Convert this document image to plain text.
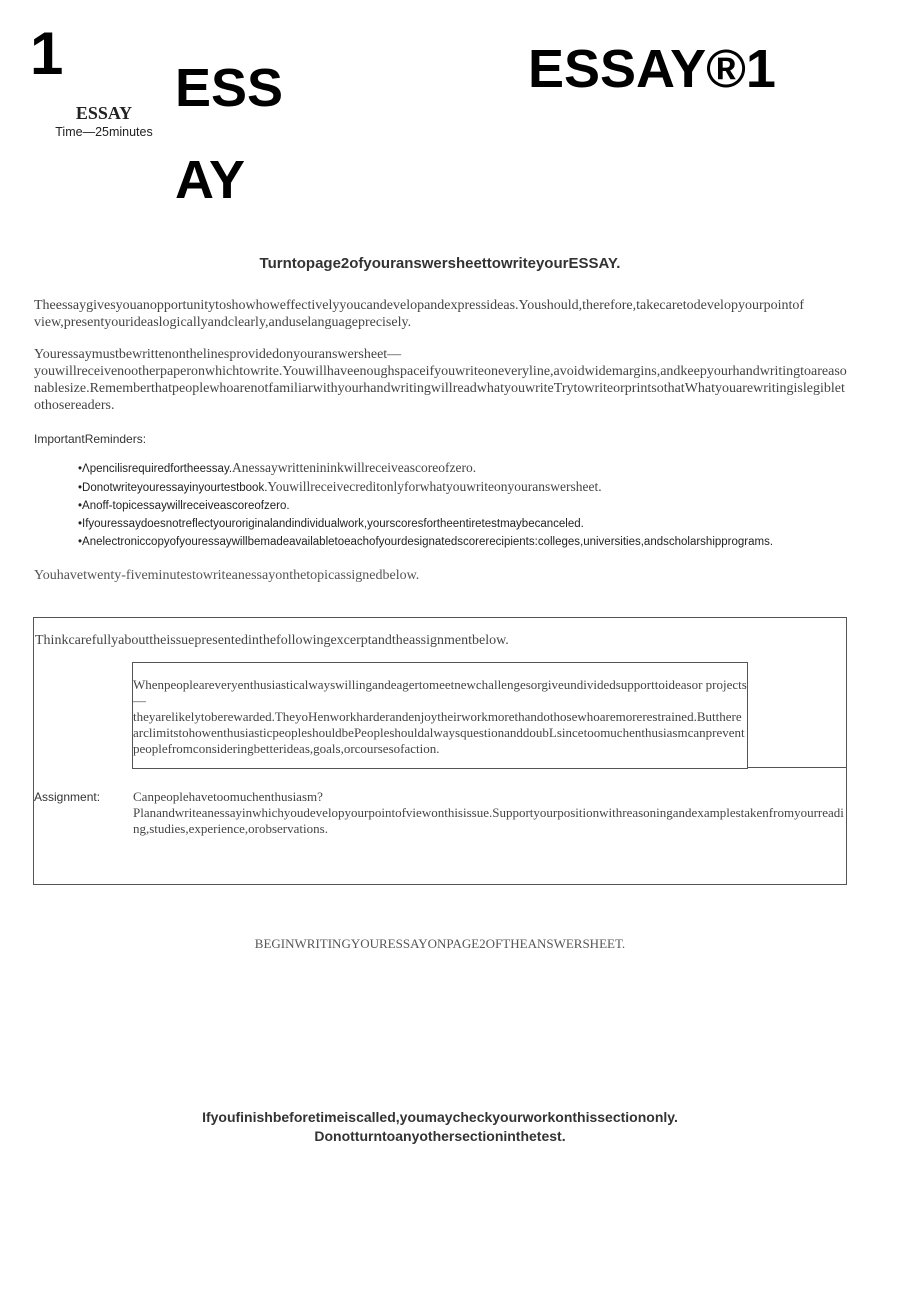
1
ESSAY
Time—25minutes
ESSAY
ESSAY®1
Turntopage2ofyouranswersheettowriteyourESSAY.
Theessaygivesyouanopportunitytoshowhoweffectivelyyoucandevelopandexpressideas.Youshould,therefore,takecaretodevelopyourpointof view,presentyourideaslogicallyandclearly,anduselanguageprecisely.
Youressaymustbewrittenonthelinesprovidedonyouranswersheet—
youwillreceivenootherpaperonwhichtowrite.Youwillhaveenoughspaceifyouwriteoneveryline,avoidwidemargins,andkeepyourhandwritingtoareasonablesize.RememberthatpeoplewhoarenotfamiliarwithyourhandwritingwillreadwhatyouwriteTrytowriteorprintsothatWhatyouarewritingislegibletothosereaders.
ImportantReminders:
•Λpencilisrequiredfortheessay.Anessaywritteninink​willreceiveascoreofzero.
•Donotwriteyouressayinyourtestbook.Youwillreceivecreditonlyforwhatyouwriteonyouranswersheet.
•Anoff-topicessaywillreceiveascoreofzero.
•Ifyouressaydoesnotreflectyouroriginalandindividualwork,yourscoresfortheentiretestmaybecanceled.
•Anelectroniccopyofyouressaywillbemadeavailabletoeachofyourdesignatedscorerecipients:colleges,universities,andscholarshipprograms.
Youhavetwenty-fiveminutestowriteanessayonthetopicassignedbelow.
Thinkcarefullyabouttheissuepresentedinthefollowingexcerptandtheassignmentbelow.
Whenpeopleareveryenthusiasticalwayswillingandeagertomeetnewchallengesorgiveundividedsupporttoideasor projects—
theyarelikelytoberewarded.TheyoHenworkharderandenjoytheirworkmorethandothosewhoaremorerestrained.ButtherearclimitstohowenthusiasticpeopleshouldbePeopleshouldalwaysquestionanddoubLsincetoomuchenthusiasmcanpreventpeoplefromconsideringbetterideas,goals,orcoursesofaction.
Assignment:	Canpeoplehavetoomuchenthusiasm?Planandwriteanessayinwhichyoudevelopyourpointofviewonthisissue.Supportyourpositionwithreasoningandexamplestakenfromyourreading,studies,experience,orobservations.
BEGINWRITINGYOURESSAYONPAGE2OFTHEANSWERSHEET.
Ifyoufinishbeforetimeiscalled,youmaycheckyourworkonthissectiononly.
Donotturntoanyothersectioninthetest.
